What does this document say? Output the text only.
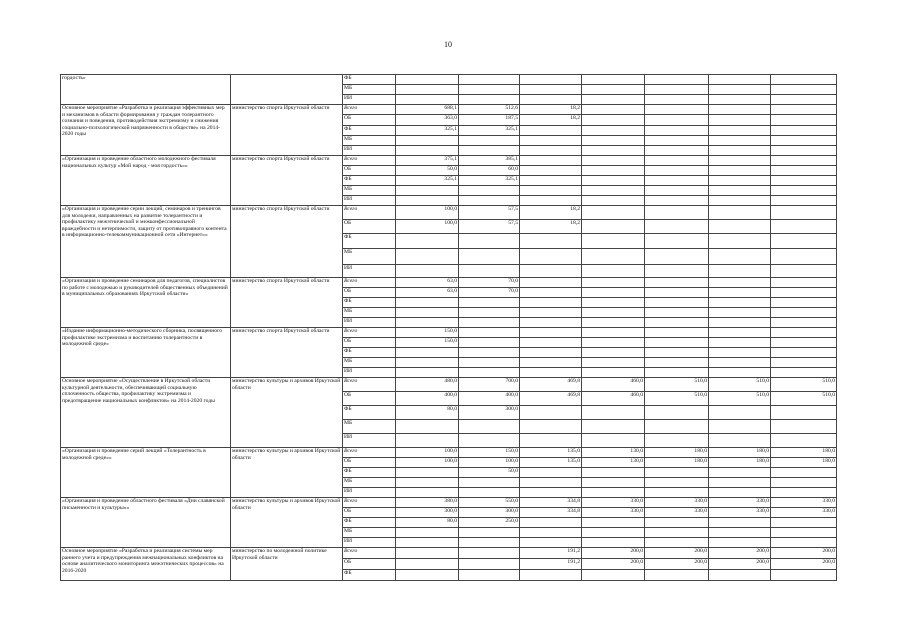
10
гордость»		ФБ							
		МБ							
		ИИ							
Основное мероприятие «Разработка и реализация эффективных мер и механизмов в области формирования у граждан толерантного сознания и поведения, противодействия экстремизму и снижения социально-психологической напряженности в обществе» на 2014-2020 годы	министерство спорта Иркутской области	Всего	688,1	512,6	18,2				
		ОБ	363,0	187,5	18,2				
		ФБ	325,1	325,1					
		МБ							
		ИИ							
«Организация и проведение областного молодежного фестиваля национальных культур «Мой народ - моя гордость»»	министерство спорта Иркутской области	Всего	375,1	385,1					
		ОБ	50,0	60,0					
		ФБ	325,1	325,1					
		МБ							
		ИИ							
«Организация и проведение серии лекций, семинаров и тренингов для молодежи, направленных на развитие толерантности и профилактику межэтнической и межконфессиональной враждебности и нетерпимости, защиту от противоправного контента в информационно-телекоммуникационной сети «Интернет»»	министерство спорта Иркутской области	Всего	100,0	57,5	18,2				
		ОБ	100,0	57,5	18,2				
		ФБ							
		МБ							
		ИИ							
«Организация и проведение семинаров для педагогов, специалистов по работе с молодежью и руководителей общественных объединений в муниципальных образованиях Иркутской области»	министерство спорта Иркутской области	Всего	63,0	70,0					
		ОБ	63,0	70,0					
		ФБ							
		МБ							
		ИИ							
«Издание информационно-методического сборника, посвященного профилактике экстремизма и воспитанию толерантности в молодежной среде»	министерство спорта Иркутской области	Всего	150,0						
		ОБ	150,0						
		ФБ							
		МБ							
		ИИ							
Основное мероприятие «Осуществление в Иркутской области культурной деятельности, обеспечивающей социальную сплоченность общества, профилактику экстремизма и предотвращение национальных конфликтов» на 2014-2020 годы	министерство культуры и архивов Иркутской области	Всего	480,0	700,0	469,8	460,0	510,0	510,0	510,0
		ОБ	400,0	400,0	469,8	460,0	510,0	510,0	510,0
		ФБ	80,0	300,0					
		МБ							
		ИИ							
«Организация и проведение серий лекций «Толерантность в молодежной среде»»	министерство культуры и архивов Иркутской области	Всего	100,0	150,0	135,0	130,0	180,0	180,0	180,0
		ОБ	100,0	100,0	135,0	130,0	180,0	180,0	180,0
		ФБ		50,0					
		МБ							
		ИИ							
«Организация и проведение областного фестиваля «Дни славянской письменности и культуры»»	министерство культуры и архивов Иркутской области	Всего	380,0	550,0	334,8	330,0	330,0	330,0	330,0
		ОБ	300,0	300,0	334,8	330,0	330,0	330,0	330,0
		ФБ	80,0	250,0					
		МБ							
		ИИ							
Основное мероприятие «Разработка и реализация системы мер раннего учета и предупреждения межнациональных конфликтов на основе аналитического мониторинга межэтнических процессов» на 2016-2020	министерство по молодежной политике Иркутской области	Всего			191,2	200,0	200,0	200,0	200,0
		ОБ			191,2	200,0	200,0	200,0	200,0
		ФБ							
